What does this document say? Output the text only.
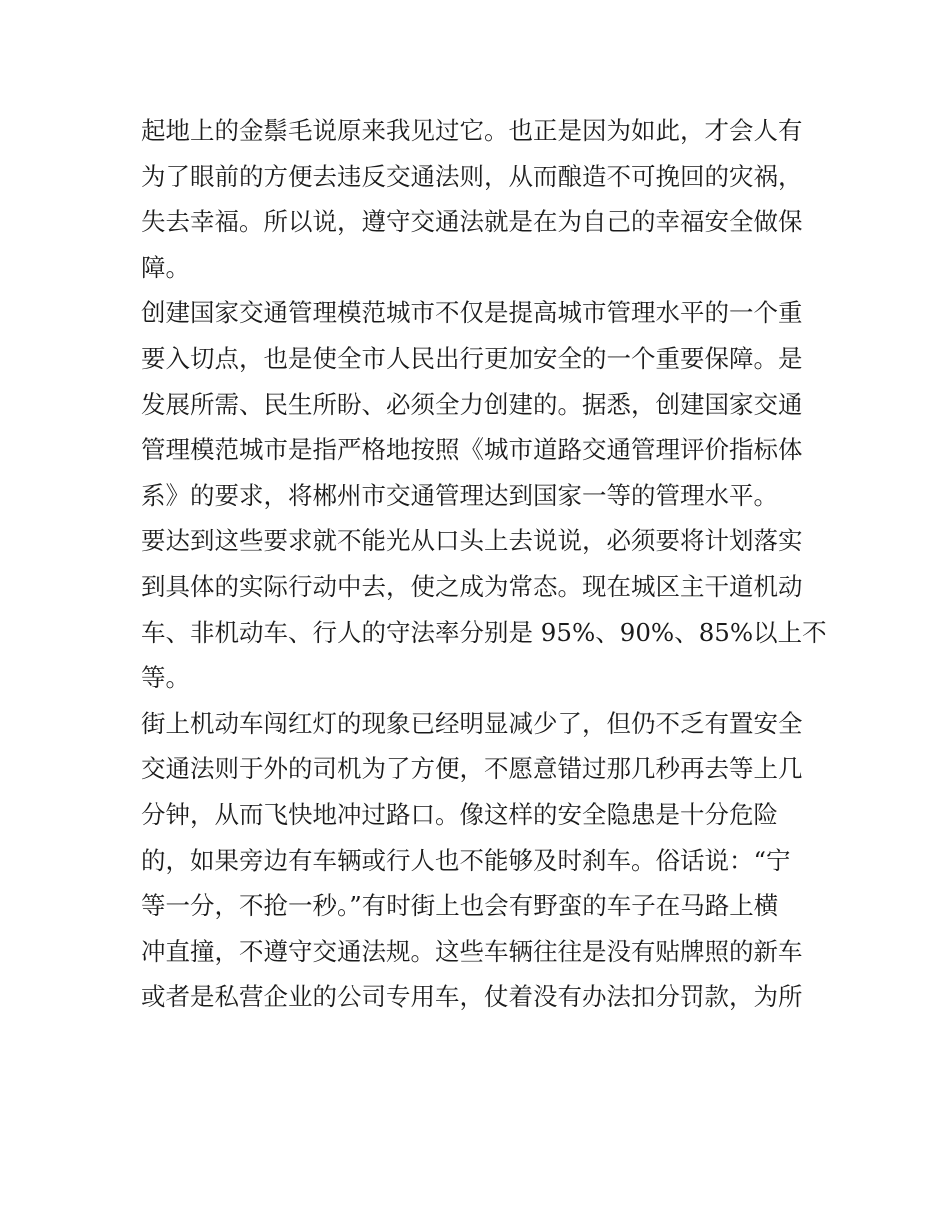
起地上的金鬃毛说原来我见过它。也正是因为如此，才会人有
为了眼前的方便去违反交通法则，从而酿造不可挽回的灾祸，
失去幸福。所以说，遵守交通法就是在为自己的幸福安全做保
障。
创建国家交通管理模范城市不仅是提高城市管理水平的一个重
要入切点，也是使全市人民出行更加安全的一个重要保障。是
发展所需、民生所盼、必须全力创建的。据悉，创建国家交通
管理模范城市是指严格地按照《城市道路交通管理评价指标体
系》的要求，将郴州市交通管理达到国家一等的管理水平。
要达到这些要求就不能光从口头上去说说，必须要将计划落实
到具体的实际行动中去，使之成为常态。现在城区主干道机动
车、非机动车、行人的守法率分别是 95%、90%、85%以上不
等。
街上机动车闯红灯的现象已经明显减少了，但仍不乏有置安全
交通法则于外的司机为了方便，不愿意错过那几秒再去等上几
分钟，从而飞快地冲过路口。像这样的安全隐患是十分危险
的，如果旁边有车辆或行人也不能够及时刹车。俗话说：“宁
等一分，不抢一秒。”有时街上也会有野蛮的车子在马路上横
冲直撞，不遵守交通法规。这些车辆往往是没有贴牌照的新车
或者是私营企业的公司专用车，仗着没有办法扣分罚款，为所
